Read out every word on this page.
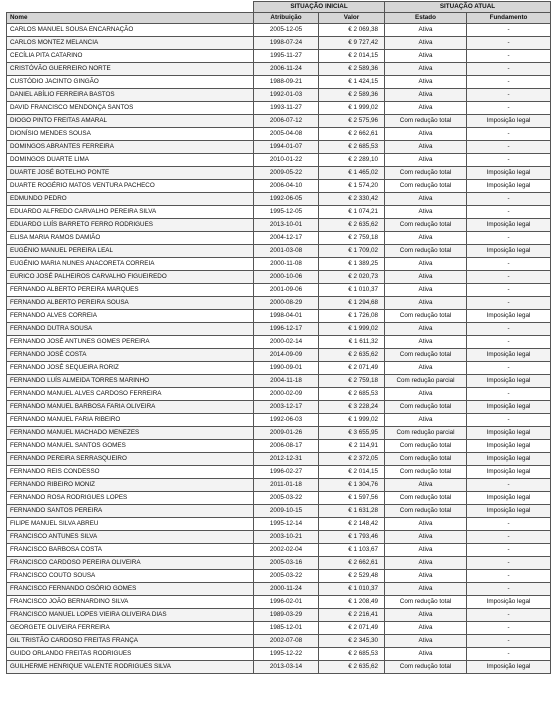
	SITUAÇÃO INICIAL		SITUAÇÃO ATUAL	
Nome	Atribuição	Valor	Estado	Fundamento
CARLOS MANUEL SOUSA ENCARNAÇÃO	2005-12-05	€ 2 069,38	Ativa	-
CARLOS MONTEZ MELANCIA	1998-07-24	€ 9 727,42	Ativa	-
CECÍLIA PITA CATARINO	1995-11-27	€ 2 014,15	Ativa	-
CRISTÓVÃO GUERREIRO NORTE	2006-11-24	€ 2 589,36	Ativa	-
CUSTÓDIO JACINTO GINGÃO	1988-09-21	€ 1 424,15	Ativa	-
DANIEL ABÍLIO FERREIRA BASTOS	1992-01-03	€ 2 589,36	Ativa	-
DAVID FRANCISCO MENDONÇA SANTOS	1993-11-27	€ 1 999,02	Ativa	-
DIOGO PINTO FREITAS AMARAL	2006-07-12	€ 2 575,96	Com redução total	Imposição legal
DIONÍSIO MENDES SOUSA	2005-04-08	€ 2 662,61	Ativa	-
DOMINGOS ABRANTES FERREIRA	1994-01-07	€ 2 685,53	Ativa	-
DOMINGOS DUARTE LIMA	2010-01-22	€ 2 289,10	Ativa	-
DUARTE JOSÉ BOTELHO PONTE	2009-05-22	€ 1 465,02	Com redução total	Imposição legal
DUARTE ROGÉRIO MATOS VENTURA PACHECO	2006-04-10	€ 1 574,20	Com redução total	Imposição legal
EDMUNDO PEDRO	1992-06-05	€ 2 330,42	Ativa	-
EDUARDO ALFREDO CARVALHO PEREIRA SILVA	1995-12-05	€ 1 074,21	Ativa	-
EDUARDO LUÍS BARRETO FERRO RODRIGUES	2013-10-01	€ 2 635,62	Com redução total	Imposição legal
ELISA MARIA RAMOS DAMIÃO	2004-12-17	€ 2 759,18	Ativa	-
EUGÉNIO MANUEL PEREIRA LEAL	2001-03-08	€ 1 709,02	Com redução total	Imposição legal
EUGÉNIO MARIA NUNES ANACORETA CORREIA	2000-11-08	€ 1 389,25	Ativa	-
EURICO JOSÉ PALHEIROS CARVALHO FIGUEIREDO	2000-10-06	€ 2 020,73	Ativa	-
FERNANDO ALBERTO PEREIRA MARQUES	2001-09-06	€ 1 010,37	Ativa	-
FERNANDO ALBERTO PEREIRA SOUSA	2000-08-29	€ 1 294,68	Ativa	-
FERNANDO ALVES CORREIA	1998-04-01	€ 1 726,08	Com redução total	Imposição legal
FERNANDO DUTRA SOUSA	1996-12-17	€ 1 999,02	Ativa	-
FERNANDO JOSÉ ANTUNES GOMES PEREIRA	2000-02-14	€ 1 611,32	Ativa	-
FERNANDO JOSÉ COSTA	2014-09-09	€ 2 635,62	Com redução total	Imposição legal
FERNANDO JOSÉ SEQUEIRA RORIZ	1990-09-01	€ 2 071,49	Ativa	-
FERNANDO LUÍS ALMEIDA TORRES MARINHO	2004-11-18	€ 2 759,18	Com redução parcial	Imposição legal
FERNANDO MANUEL ALVES CARDOSO FERREIRA	2000-02-09	€ 2 685,53	Ativa	-
FERNANDO MANUEL BARBOSA FARIA OLIVEIRA	2003-12-17	€ 3 228,24	Com redução total	Imposição legal
FERNANDO MANUEL FARIA RIBEIRO	1992-06-03	€ 1 999,02	Ativa	-
FERNANDO MANUEL MACHADO MENEZES	2009-01-26	€ 3 655,95	Com redução parcial	Imposição legal
FERNANDO MANUEL SANTOS GOMES	2006-08-17	€ 2 114,91	Com redução total	Imposição legal
FERNANDO PEREIRA SERRASQUEIRO	2012-12-31	€ 2 372,05	Com redução total	Imposição legal
FERNANDO REIS CONDESSO	1996-02-27	€ 2 014,15	Com redução total	Imposição legal
FERNANDO RIBEIRO MONIZ	2011-01-18	€ 1 304,76	Ativa	-
FERNANDO ROSA RODRIGUES LOPES	2005-03-22	€ 1 597,56	Com redução total	Imposição legal
FERNANDO SANTOS PEREIRA	2009-10-15	€ 1 631,28	Com redução total	Imposição legal
FILIPE MANUEL SILVA ABREU	1995-12-14	€ 2 148,42	Ativa	-
FRANCISCO ANTUNES SILVA	2003-10-21	€ 1 793,46	Ativa	-
FRANCISCO BARBOSA COSTA	2002-02-04	€ 1 103,67	Ativa	-
FRANCISCO CARDOSO PEREIRA OLIVEIRA	2005-03-16	€ 2 662,61	Ativa	-
FRANCISCO COUTO SOUSA	2005-03-22	€ 2 529,48	Ativa	-
FRANCISCO FERNANDO OSÓRIO GOMES	2000-11-24	€ 1 010,37	Ativa	-
FRANCISCO JOÃO BERNARDINO SILVA	1996-02-01	€ 1 208,49	Com redução total	Imposição legal
FRANCISCO MANUEL LOPES VIEIRA OLIVEIRA DIAS	1989-03-29	€ 2 216,41	Ativa	-
GEORGETE OLIVEIRA FERREIRA	1985-12-01	€ 2 071,49	Ativa	-
GIL TRISTÃO CARDOSO FREITAS FRANÇA	2002-07-08	€ 2 345,30	Ativa	-
GUIDO ORLANDO FREITAS RODRIGUES	1995-12-22	€ 2 685,53	Ativa	-
GUILHERME HENRIQUE VALENTE RODRIGUES SILVA	2013-03-14	€ 2 635,62	Com redução total	Imposição legal
